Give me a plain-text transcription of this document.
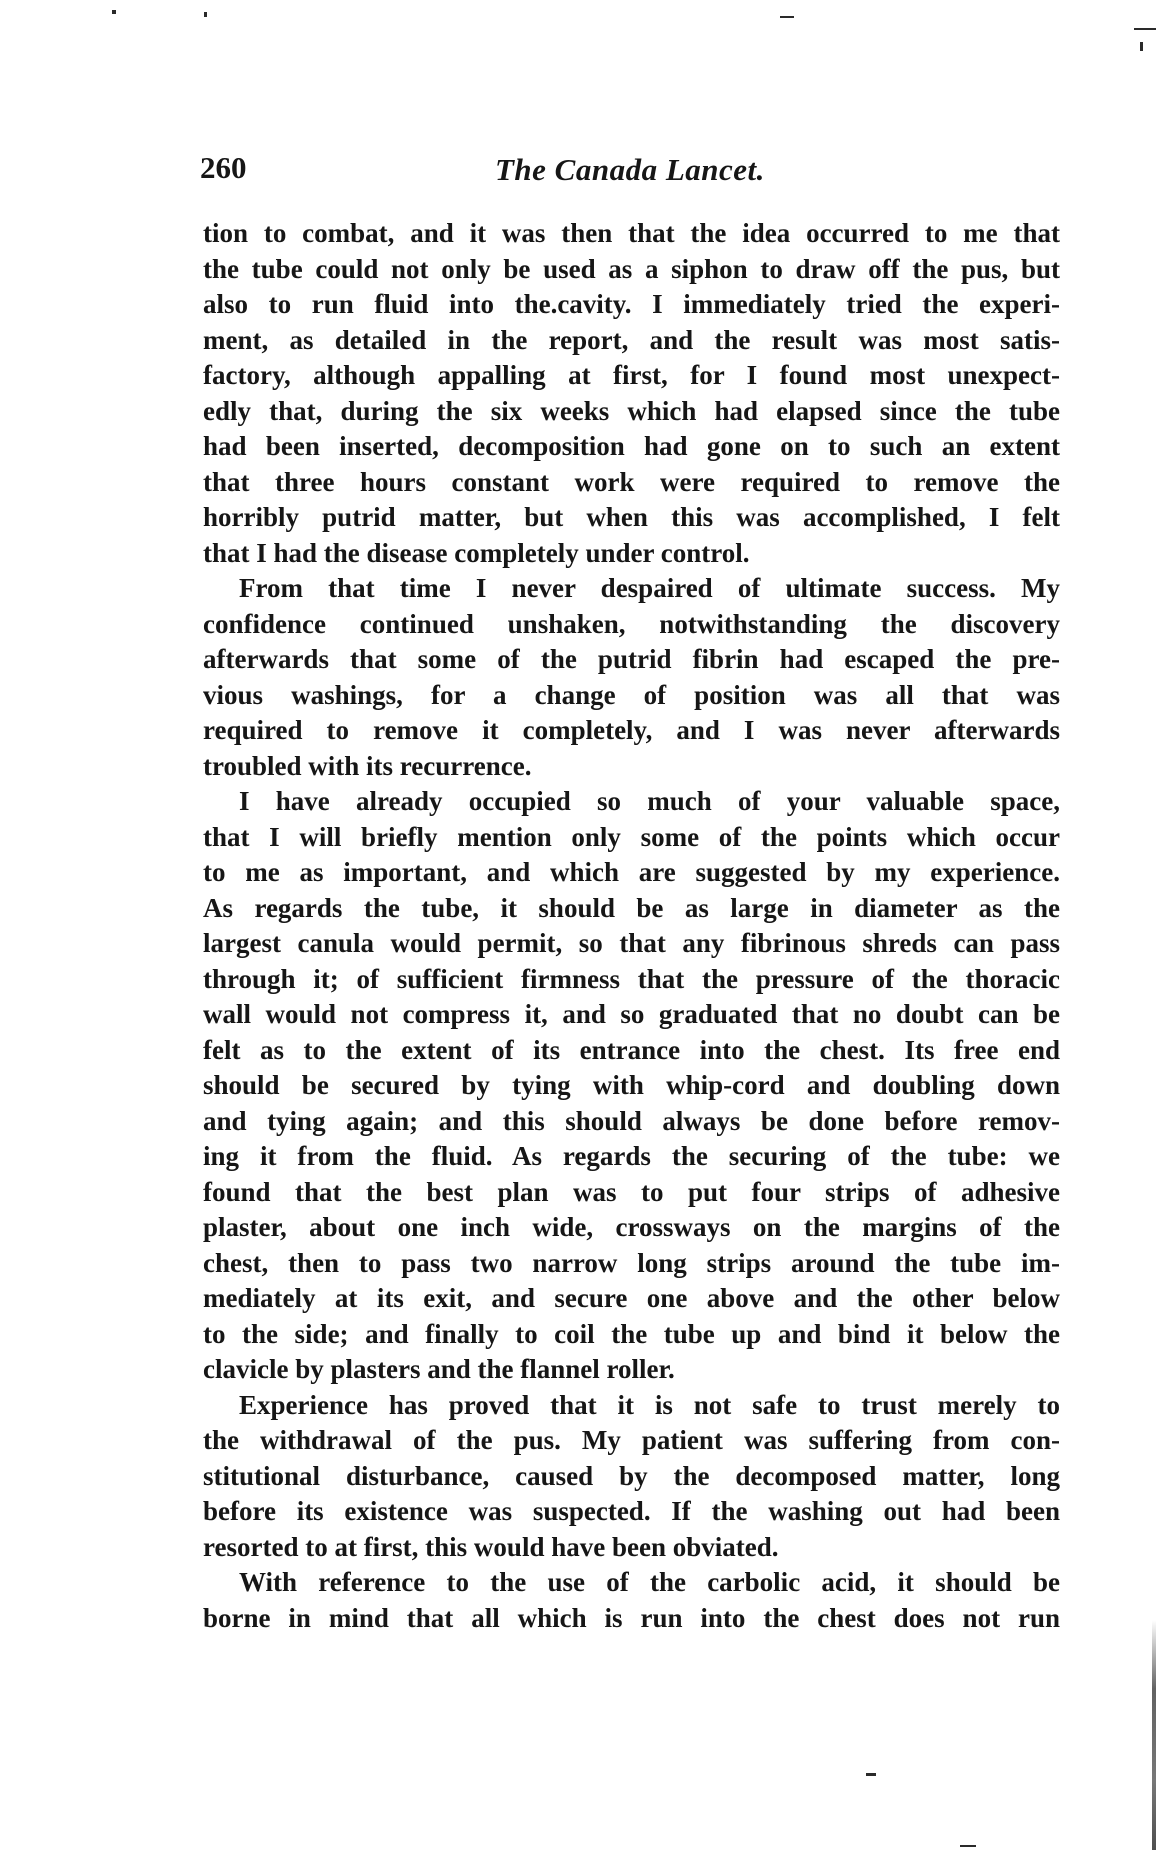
260	The Canada Lancet.
tion to combat, and it was then that the idea occurred to me that
the tube could not only be used as a siphon to draw off the pus, but
also to run fluid into the.cavity. I immediately tried the experi-
ment, as detailed in the report, and the result was most satis-
factory, although appalling at first, for I found most unexpect-
edly that, during the six weeks which had elapsed since the tube
had been inserted, decomposition had gone on to such an extent
that three hours constant work were required to remove the
horribly putrid matter, but when this was accomplished, I felt
that I had the disease completely under control.
From that time I never despaired of ultimate success. My
confidence continued unshaken, notwithstanding the discovery
afterwards that some of the putrid fibrin had escaped the pre-
vious washings, for a change of position was all that was
required to remove it completely, and I was never afterwards
troubled with its recurrence.
I have already occupied so much of your valuable space,
that I will briefly mention only some of the points which occur
to me as important, and which are suggested by my experience.
As regards the tube, it should be as large in diameter as the
largest canula would permit, so that any fibrinous shreds can pass
through it; of sufficient firmness that the pressure of the thoracic
wall would not compress it, and so graduated that no doubt can be
felt as to the extent of its entrance into the chest. Its free end
should be secured by tying with whip-cord and doubling down
and tying again; and this should always be done before remov-
ing it from the fluid. As regards the securing of the tube: we
found that the best plan was to put four strips of adhesive
plaster, about one inch wide, crossways on the margins of the
chest, then to pass two narrow long strips around the tube im-
mediately at its exit, and secure one above and the other below
to the side; and finally to coil the tube up and bind it below the
clavicle by plasters and the flannel roller.
Experience has proved that it is not safe to trust merely to
the withdrawal of the pus. My patient was suffering from con-
stitutional disturbance, caused by the decomposed matter, long
before its existence was suspected. If the washing out had been
resorted to at first, this would have been obviated.
With reference to the use of the carbolic acid, it should be
borne in mind that all which is run into the chest does not run
